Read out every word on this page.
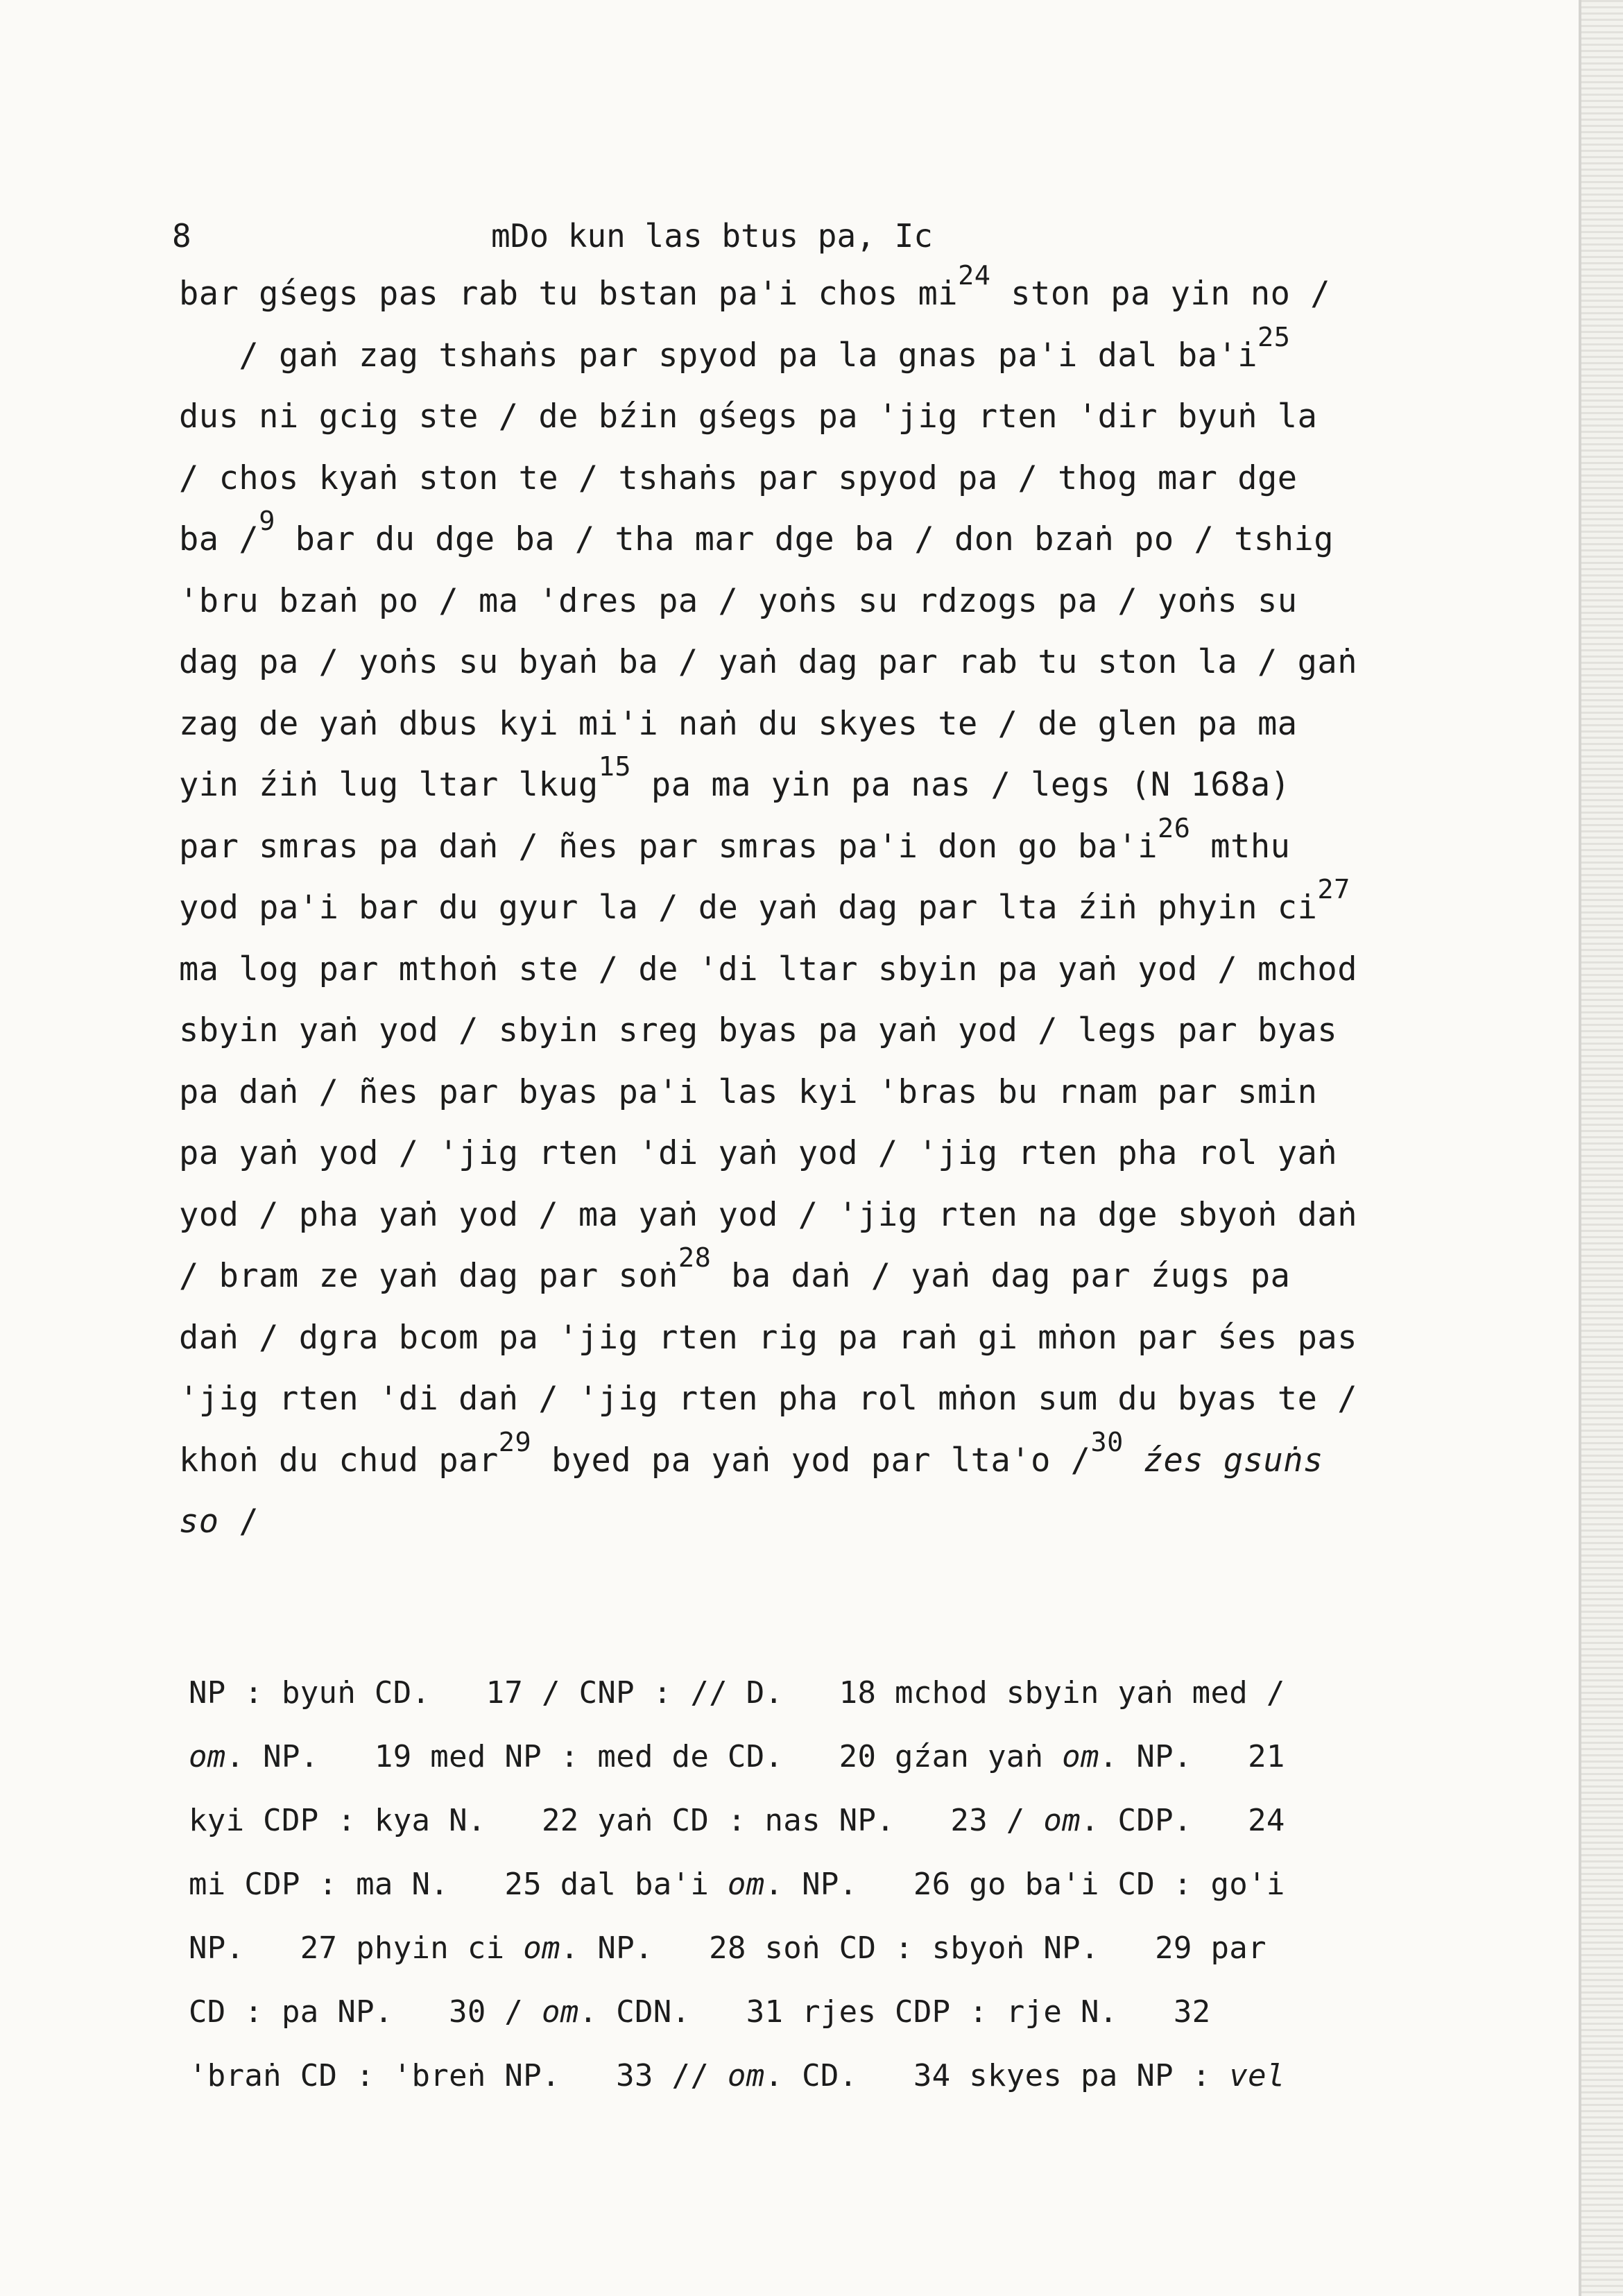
8	mDo kun las btus pa, Ic
bar gśegs pas rab tu bstan pa'i chos $mi^{24}$ ston pa yin no /
/ gaṅ zag tshaṅs par spyod pa la gnas pa'i dal $ba'i^{25}$
dus ni gcig ste / de bźin gśegs pa 'jig rten 'dir byuṅ la
/ chos kyaṅ ston te / tshaṅs par spyod pa / thog mar dge
ba /$^9$ bar du dge ba / tha mar dge ba / don bzaṅ po / tshig
'bru bzaṅ po / ma 'dres pa / yoṅs su rdzogs pa / yoṅs su
dag pa / yoṅs su byaṅ ba / yaṅ dag par rab tu ston la / gaṅ
zag de yaṅ dbus kyi mi'i naṅ du skyes te / de glen pa ma
yin źiṅ lug ltar lkug$^{15}$ pa ma yin pa nas / legs (N 168a)
par smras pa daṅ / ñes par smras pa'i don go $ba'i^{26}$ mthu
yod pa'i bar du gyur la / de yaṅ dag par lta źiṅ phyin $ci^{27}$
ma log par mthoṅ ste / de 'di ltar sbyin pa yaṅ yod / mchod
sbyin yaṅ yod / sbyin sreg byas pa yaṅ yod / legs par byas
pa daṅ / ñes par byas pa'i las kyi 'bras bu rnam par smin
pa yaṅ yod / 'jig rten 'di yaṅ yod / 'jig rten pha rol yaṅ
yod / pha yaṅ yod / ma yaṅ yod / 'jig rten na dge sbyoṅ daṅ
/ bram ze yaṅ dag par soṅ$^{28}$ ba daṅ / yaṅ dag par źugs pa
daṅ / dgra bcom pa 'jig rten rig pa raṅ gi mṅon par śes pas
'jig rten 'di daṅ / 'jig rten pha rol mṅon sum du byas te /
khoṅ du chud par$^{29}$ byed pa yaṅ yod par lta'o /$^{30}$ źes gsuṅs
so /
NP : byuṅ CD.   17 / CNP : // D.   18 mchod sbyin yaṅ med /
om. NP.   19 med NP : med de CD.   20 gźan yaṅ om. NP.   21
kyi CDP : kya N.   22 yaṅ CD : nas NP.   23 / om. CDP.   24
mi CDP : ma N.   25 dal ba'i om. NP.   26 go ba'i CD : go'i
NP.   27 phyin ci om. NP.   28 soṅ CD : sbyoṅ NP.   29 par
CD : pa NP.   30 / om. CDN.   31 rjes CDP : rje N.   32
'braṅ CD : 'breṅ NP.   33 // om. CD.   34 skyes pa NP : vel
